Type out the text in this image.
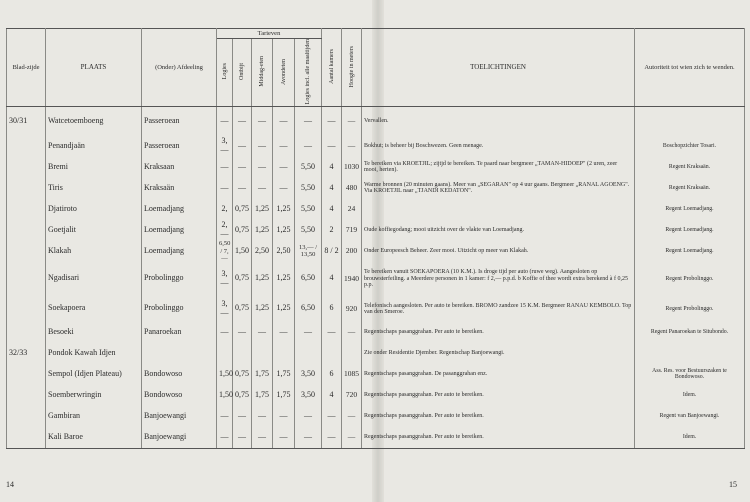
Blad-zijde	PLAATS	(Onder) Afdeeling	Tarieven					Aantal kamers	Hoogte in meters	TOELICHTINGEN	Autoriteit tot wien zich te wenden.
			Logies	Ontbijt	Middag-eten	Avondeten	Logies incl. alle maaltijden				
30/31	Watcetoemboeng	Passeroean	—	—	—	—	—	—	—	Vervallen.	
	Penandjaän	Passeroean	3,—	—	—	—	—	—	—	Bokhut; is beheer bij Boschwezen. Geen menage.	Boschopzichter Tosari.
	Bremi	Kraksaan	—	—	—	—	5,50	4	1030	Te bereiken via KROETJIL; zijtjd te bereiken. Te paard naar bergmeer „TAMAN-HIDOEP" (2 uren, zeer mooi, herten).	Regent Kraksaän.
	Tiris	Kraksaän	—	—	—	—	5,50	4	480	Warme bronnen (20 minuten gaans). Meer van „SEGARAN" op 4 uur gaans. Bergmeer „RANAL AGOENG". Via KROETJIL naar „TJANDI KEDATON".	Regent Kraksaän.
	Djatiroto	Loemadjang	2,	0,75	1,25	1,25	5,50	4	24		Regent Loemadjang.
	Goetjalit	Loemadjang	2,—	0,75	1,25	1,25	5,50	2	719	Oude koffiegodang; mooi uitzicht over de vlakte van Loemadjang.	Regent Loemadjang.
	Klakah	Loemadjang	6,50 / 7,—	1,50	2,50	2,50	13,— / 13,50	8 / 2	200	Onder Europeesch Beheer. Zeer mooi. Uitzicht op meer van Klakah.	Regent Loemadjang.
	Ngadisari	Probolinggo	3,—	0,75	1,25	1,25	6,50	4	1940	Te bereiken vanuit SOEKAPOERA (10 K.M.). Is droge tijd per auto (ruwe weg). Aangesloten op brouwsterfeiling. a Meerdere personen in 1 kamer: f 2,— p.p.d. b Koffie of thee wordt extra berekend à f 0,25 p.p.	Regent Probolinggo.
	Soekapoera	Probolinggo	3,—	0,75	1,25	1,25	6,50	6	920	Telefonisch aangesloten. Per auto te bereiken. BROMO zandzee 15 K.M. Bergmeer RANAU KEMBOLO. Top van den Smeroe.	Regent Probolinggo.
	Besoeki	Panaroekan	—	—	—	—	—	—	—	Regentschaps pasanggrahan. Per auto te bereiken.	Regent Panaroekan te Situbondo.
32/33	Pondok Kawah Idjen									Zie onder Residentie Djember. Regentschap Banjoewangi.	
	Sempol (Idjen Plateau)	Bondowoso	1,50	0,75	1,75	1,75	3,50	6	1085	Regentschaps pasanggrahan. De pasanggrahan enz.	Ass. Res. voor Bestuurszaken te Bondowoso.
	Soemberwringin	Bondowoso	1,50	0,75	1,75	1,75	3,50	4	720	Regentschaps pasanggrahan. Per auto te bereiken.	Idem.
	Gambiran	Banjoewangi	—	—	—	—	—	—	—	Regentschaps pasanggrahan. Per auto te bereiken.	Regent van Banjoewangi.
	Kali Baroe	Banjoewangi	—	—	—	—	—	—	—	Regentschaps pasanggrahan. Per auto te bereiken.	Idem.
14	15
